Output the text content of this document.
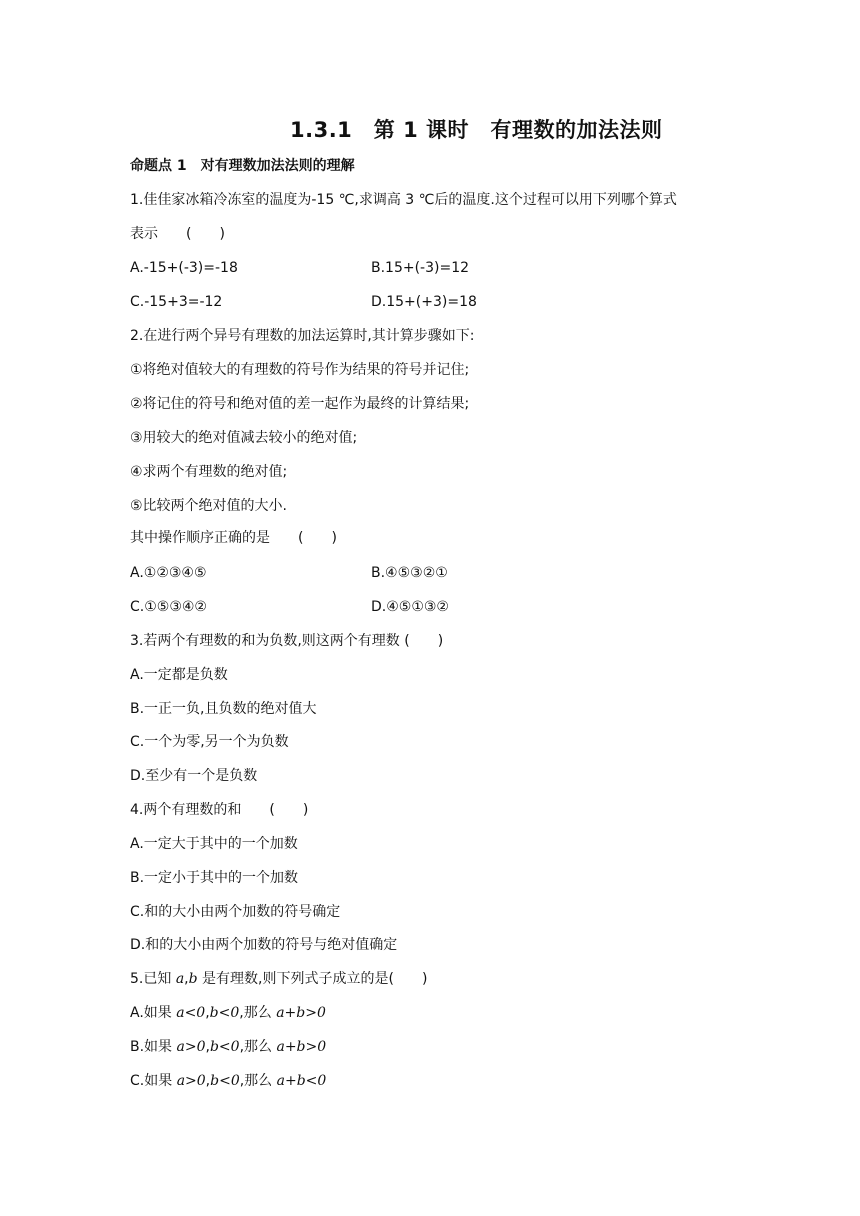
1.3.1　第 1 课时　有理数的加法法则
命题点 1　对有理数加法法则的理解
1.佳佳家冰箱冷冻室的温度为-15 ℃,求调高 3 ℃后的温度.这个过程可以用下列哪个算式
表示　　(　　)
A.-15+(-3)=-18	B.15+(-3)=12
C.-15+3=-12	D.15+(+3)=18
2.在进行两个异号有理数的加法运算时,其计算步骤如下:
①将绝对值较大的有理数的符号作为结果的符号并记住;
②将记住的符号和绝对值的差一起作为最终的计算结果;
③用较大的绝对值减去较小的绝对值;
④求两个有理数的绝对值;
⑤比较两个绝对值的大小.
其中操作顺序正确的是　　(　　)
A.①②③④⑤	B.④⑤③②①
C.①⑤③④②	D.④⑤①③②
3.若两个有理数的和为负数,则这两个有理数 (　　)
A.一定都是负数
B.一正一负,且负数的绝对值大
C.一个为零,另一个为负数
D.至少有一个是负数
4.两个有理数的和　　(　　)
A.一定大于其中的一个加数
B.一定小于其中的一个加数
C.和的大小由两个加数的符号确定
D.和的大小由两个加数的符号与绝对值确定
5.已知 a,b 是有理数,则下列式子成立的是(　　)
A.如果 a<0,b<0,那么 a+b>0
B.如果 a>0,b<0,那么 a+b>0
C.如果 a>0,b<0,那么 a+b<0
